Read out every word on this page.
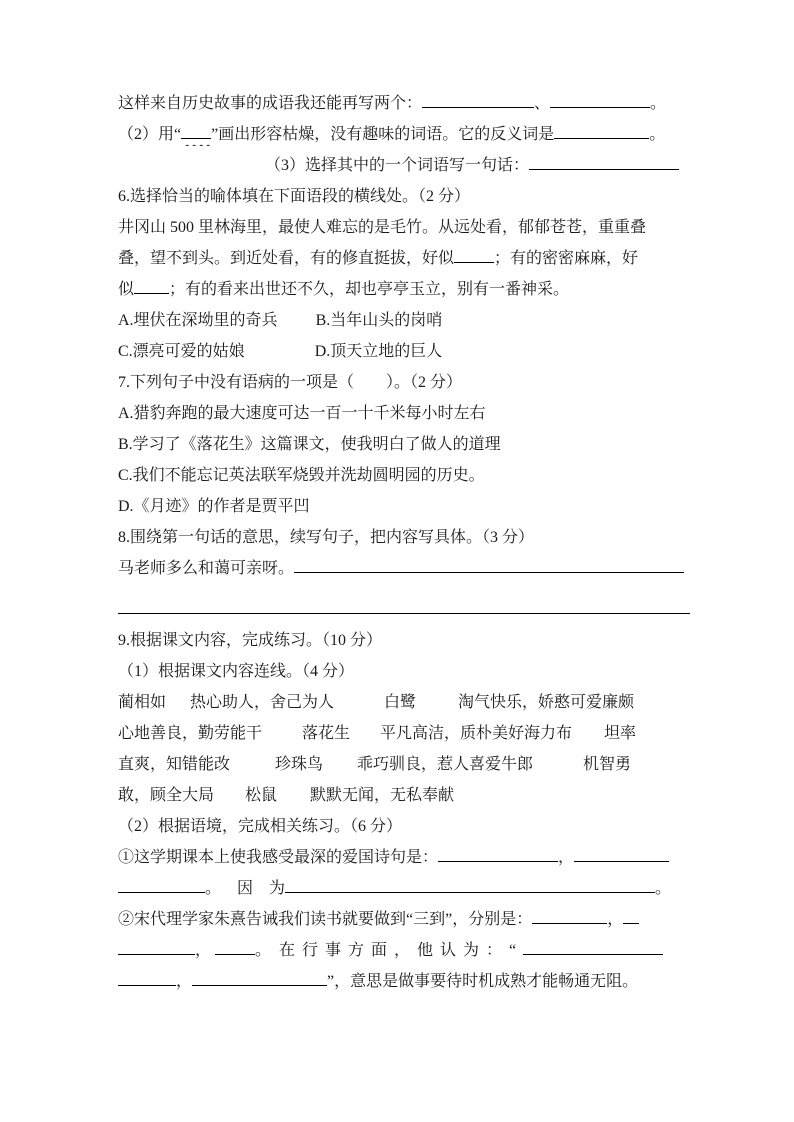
这样来自历史故事的成语我还能再写两个：	、	。
（2）用“ ”画出形容枯燥，没有趣味的词语。它的反义词是	。
（3）选择其中的一个词语写一句话：
6.选择恰当的喻体填在下面语段的横线处。（2 分）
井冈山 500 里林海里，最使人难忘的是毛竹。从远处看，郁郁苍苍，重重叠
叠，望不到头。到近处看，有的修直挺拔，好似	；有的密密麻麻，好
似 ；有的看来出世还不久，却也亭亭玉立，别有一番神采。
A.埋伏在深坳里的奇兵 B.当年山头的岗哨
C.漂亮可爱的姑娘	D.顶天立地的巨人
7.下列句子中没有语病的一项是（　　）。（2 分）
A.猎豹奔跑的最大速度可达一百一十千米每小时左右
B.学习了《落花生》这篇课文，使我明白了做人的道理
C.我们不能忘记英法联军烧毁并洗劫圆明园的历史。
D.《月迹》的作者是贾平凹
8.围绕第一句话的意思，续写句子，把内容写具体。（3 分）
马老师多么和蔼可亲呀。
9.根据课文内容，完成练习。（10 分）
（1）根据课文内容连线。（4 分）
蔺相如 热心助人，舍己为人	白鹭	淘气快乐，娇憨可爱廉颇
心地善良，勤劳能干	落花生 平凡高洁，质朴美好海力布 坦率
直爽，知错能改	珍珠鸟 乖巧驯良，惹人喜爱牛郎	机智勇
敢，顾全大局 松鼠 默默无闻，无私奉献
（2）根据语境，完成相关练习。（6 分）
①这学期课本上使我感受最深的爱国诗句是：	，
。 因 为	。
②宋代理学家朱熹告诫我们读书就要做到“三到”，分别是：	，
，	。 在行事方面，他认为：“
，	”，意思是做事要待时机成熟才能畅通无阻。
